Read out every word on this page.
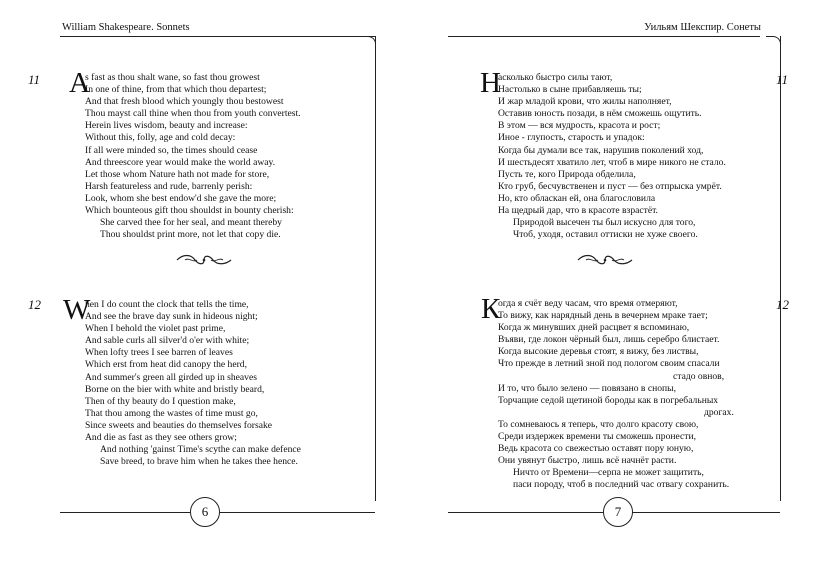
William Shakespeare. Sonnets
11 A
s fast as thou shalt wane, so fast thou growest
In one of thine, from that which thou departest;
And that fresh blood which youngly thou bestowest
Thou mayst call thine when thou from youth convertest.
Herein lives wisdom, beauty and increase:
Without this, folly, age and cold decay:
If all were minded so, the times should cease
And threescore year would make the world away.
Let those whom Nature hath not made for store,
Harsh featureless and rude, barrenly perish:
Look, whom she best endow'd she gave the more;
Which bounteous gift thou shouldst in bounty cherish:
She carved thee for her seal, and meant thereby
Thou shouldst print more, not let that copy die.
12 W
hen I do count the clock that tells the time,
And see the brave day sunk in hideous night;
When I behold the violet past prime,
And sable curls all silver'd o'er with white;
When lofty trees I see barren of leaves
Which erst from heat did canopy the herd,
And summer's green all girded up in sheaves
Borne on the bier with white and bristly beard,
Then of thy beauty do I question make,
That thou among the wastes of time must go,
Since sweets and beauties do themselves forsake
And die as fast as they see others grow;
And nothing 'gainst Time's scythe can make defence
Save breed, to brave him when he takes thee hence.
6
Уильям Шекспир. Сонеты
11
Н
асколько быстро силы тают,
Настолько в сыне прибавляешь ты;
И жар младой крови, что жилы наполняет,
Оставив юность позади, в нём сможешь ощутить.
В этом — вся мудрость, красота и рост;
Иное - глупость, старость и упадок:
Когда бы думали все так, нарушив поколений ход,
И шестьдесят хватило лет, чтоб в мире никого не стало.
Пусть те, кого Природа обделила,
Кто груб, бесчувственен и пуст — без отпрыска умрёт.
Но, кто обласкан ей, она благословила
На щедрый дар, что в красоте взрастёт.
Природой высечен ты был искусно для того,
Чтоб, уходя, оставил оттиски не хуже своего.
12
К
огда я счёт веду часам, что время отмеряют,
То вижу, как нарядный день в вечернем мраке тает;
Когда ж минувших дней расцвет я вспоминаю,
Въяви, где локон чёрный был, лишь серебро блистает.
Когда высокие деревья стоят, я вижу, без листвы,
Что прежде в летний зной под пологом своим спасали
стадо овнов,
И то, что было зелено — повязано в снопы,
Торчащие седой щетиной бороды как в погребальных
дрогах.
То сомневаюсь я теперь, что долго красоту свою,
Среди издержек времени ты сможешь пронести,
Ведь красота со свежестью оставят пору юную,
Они увянут быстро, лишь всё начнёт расти.
Ничто от Времени—серпа не может защитить,
паси породу, чтоб в последний час отвагу сохранить.
7
